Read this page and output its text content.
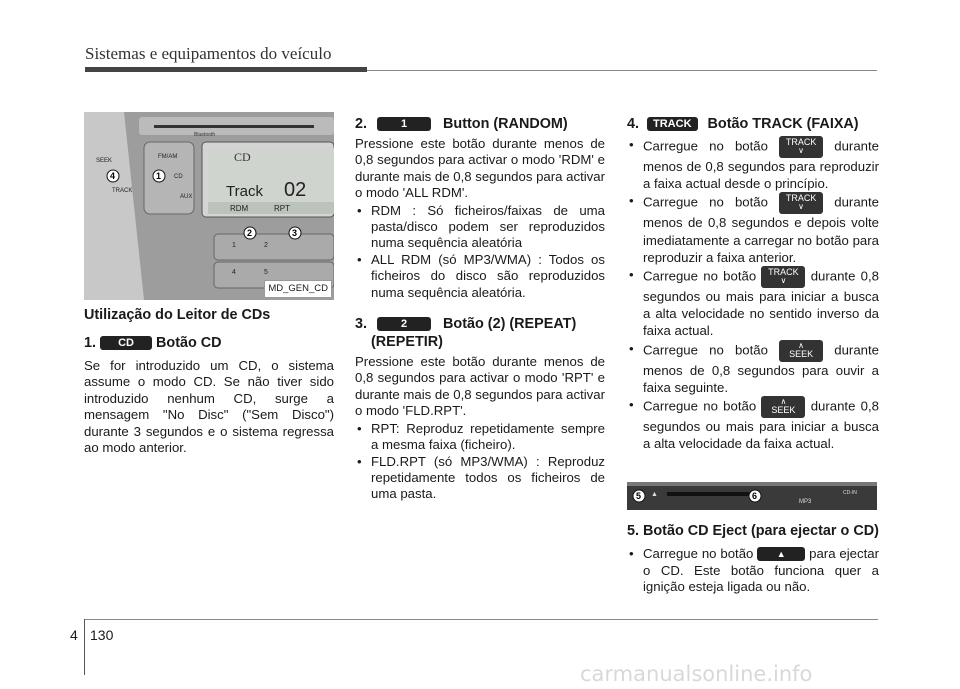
Sistemas e equipamentos do veículo
CD
Track 02
RDM	RPT
FM/AM
CD
AUX
SEEK
TRACK
Bluetooth
2
1
4	5
1
2	3
4
MD_GEN_CD

Utilização do Leitor de CDs

1. CD Botão CD

Se for introduzido um CD, o sistema assume o modo CD. Se não tiver sido introduzido nenhum CD, surge a mensagem "No Disc" ("Sem Disco") durante 3 segundos e o sistema regressa ao modo anterior.

2.	1 Button (RANDOM)

Pressione este botão durante menos de 0,8 segundos para activar o modo 'RDM' e durante mais de 0,8 segundos para activar o modo 'ALL RDM'.

• RDM : Só ficheiros/faixas de uma pasta/disco podem ser reproduzidos numa sequência aleatória
• ALL RDM (só MP3/WMA) : Todos os ficheiros do disco são reproduzidos numa sequência aleatória.

3.	2 Botão (2) (REPEAT)
(REPETIR)

Pressione este botão durante menos de 0,8 segundos para activar o modo 'RPT' e durante mais de 0,8 segundos para activar o modo 'FLD.RPT'.

• RPT: Reproduz repetidamente sempre a mesma faixa (ficheiro).
• FLD.RPT (só MP3/WMA) : Reproduz repetidamente todos os ficheiros de uma pasta.

4. TRACK Botão TRACK (FAIXA)

• Carregue no botão TRACK
∨	durante menos de 0,8 segundos para reproduzir a faixa actual desde o princípio.
• Carregue no botão TRACK
∨	durante menos de 0,8 segundos e depois volte imediatamente a carregar no botão para reproduzir a faixa anterior.
• Carregue no botão TRACK
∨	durante 0,8 segundos ou mais para iniciar a busca a alta velocidade no sentido inverso da faixa actual.
• Carregue no botão	∧
SEEK durante menos de 0,8 segundos para ouvir a faixa seguinte.
• Carregue no botão	∧
SEEK durante 0,8 segundos ou mais para iniciar a busca a alta velocidade da faixa actual.
MP3
CD-IN
5	6
▲

5. Botão CD Eject (para ejectar o CD)

• Carregue no botão	▲ para ejectar o CD. Este botão funciona quer a ignição esteja ligada ou não.
4 130
carmanualsonline.info
